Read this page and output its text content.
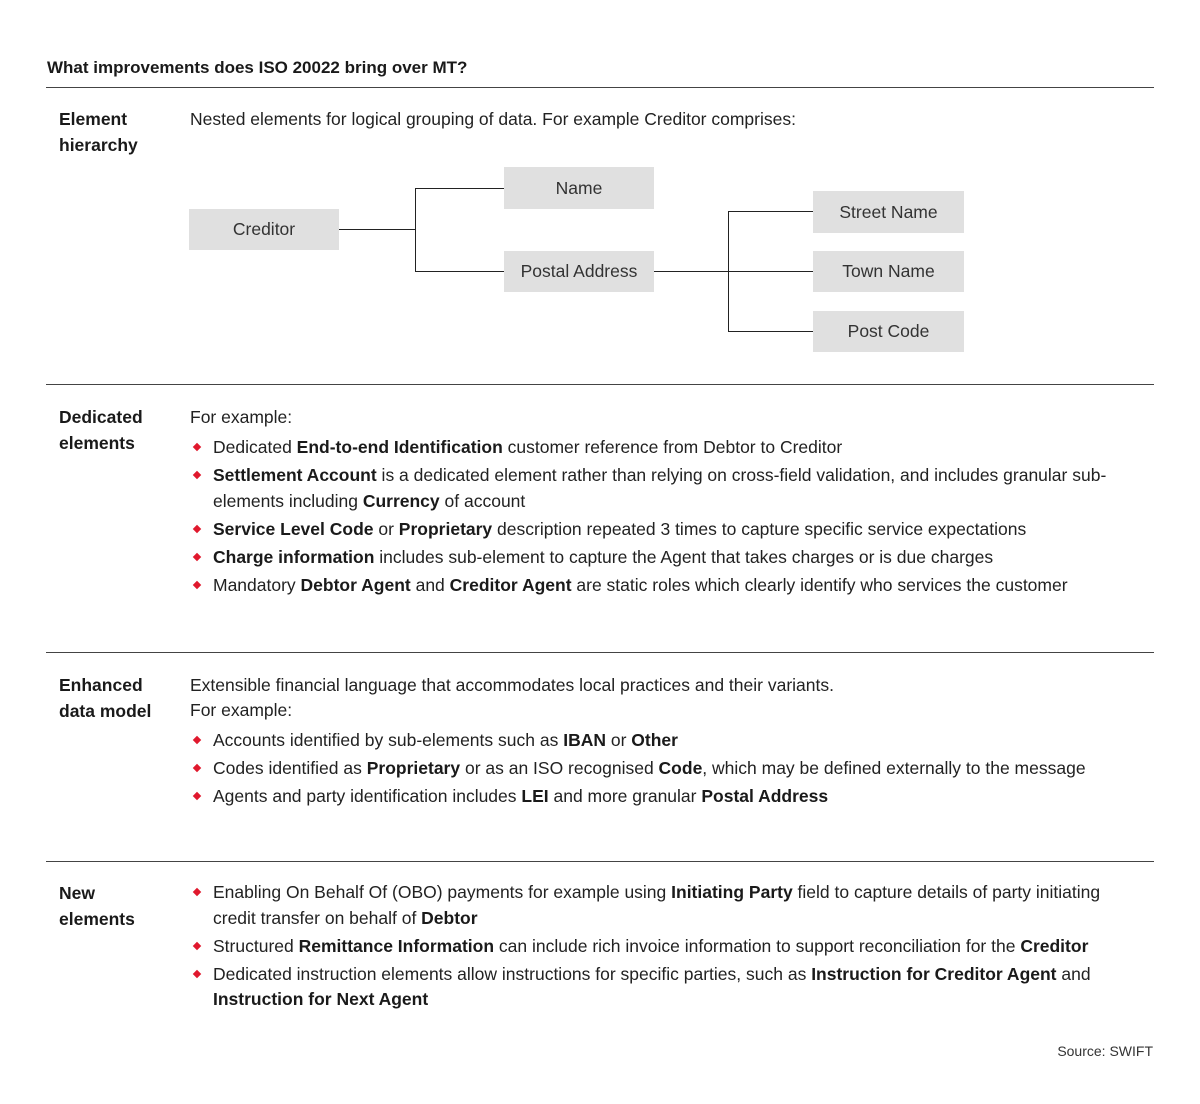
What improvements does ISO 20022 bring over MT?
Element
hierarchy
Nested elements for logical grouping of data. For example Creditor comprises:
Creditor
Name
Postal Address
Street Name
Town Name
Post Code
Dedicated
elements
For example:
Dedicated End-to-end Identification customer reference from Debtor to Creditor
Settlement Account is a dedicated element rather than relying on cross-field validation, and includes granular sub-elements including Currency of account
Service Level Code or Proprietary description repeated 3 times to capture specific service expectations
Charge information includes sub-element to capture the Agent that takes charges or is due charges
Mandatory Debtor Agent and Creditor Agent are static roles which clearly identify who services the customer
Enhanced
data model
Extensible financial language that accommodates local practices and their variants.
For example:
Accounts identified by sub-elements such as IBAN or Other
Codes identified as Proprietary or as an ISO recognised Code, which may be defined externally to the message
Agents and party identification includes LEI and more granular Postal Address
New
elements
Enabling On Behalf Of (OBO) payments for example using Initiating Party field to capture details of party initiating credit transfer on behalf of Debtor
Structured Remittance Information can include rich invoice information to support reconciliation for the Creditor
Dedicated instruction elements allow instructions for specific parties, such as Instruction for Creditor Agent and Instruction for Next Agent
Source: SWIFT
